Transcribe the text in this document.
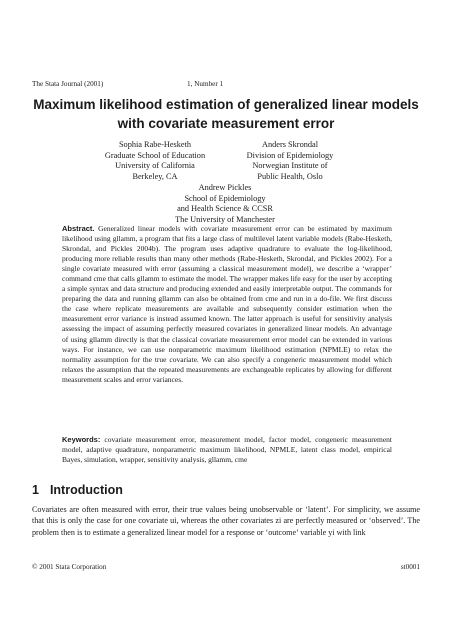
The Stata Journal (2001)	1, Number 1
Maximum likelihood estimation of generalized linear models with covariate measurement error
Sophia Rabe-Hesketh
Graduate School of Education
University of California
Berkeley, CA
Anders Skrondal
Division of Epidemiology
Norwegian Institute of
Public Health, Oslo
Andrew Pickles
School of Epidemiology
and Health Science & CCSR
The University of Manchester
Abstract. Generalized linear models with covariate measurement error can be estimated by maximum likelihood using gllamm, a program that fits a large class of multilevel latent variable models (Rabe-Hesketh, Skrondal, and Pickles 2004b). The program uses adaptive quadrature to evaluate the log-likelihood, producing more reliable results than many other methods (Rabe-Hesketh, Skrondal, and Pickles 2002). For a single covariate measured with error (assuming a classical measurement model), we describe a ‘wrapper’ command cme that calls gllamm to estimate the model. The wrapper makes life easy for the user by accepting a simple syntax and data structure and producing extended and easily interpretable output. The commands for preparing the data and running gllamm can also be obtained from cme and run in a do-file. We first discuss the case where replicate measurements are available and subsequently consider estimation when the measurement error variance is instead assumed known. The latter approach is useful for sensitivity analysis assessing the impact of assuming perfectly measured covariates in generalized linear models. An advantage of using gllamm directly is that the classical covariate measurement error model can be extended in various ways. For instance, we can use nonparametric maximum likelihood estimation (NPMLE) to relax the normality assumption for the true covariate. We can also specify a congeneric measurement model which relaxes the assumption that the repeated measurements are exchangeable replicates by allowing for different measurement scales and error variances.
Keywords: covariate measurement error, measurement model, factor model, congeneric measurement model, adaptive quadrature, nonparametric maximum likelihood, NPMLE, latent class model, empirical Bayes, simulation, wrapper, sensitivity analysis, gllamm, cme
1 Introduction
Covariates are often measured with error, their true values being unobservable or ‘latent’. For simplicity, we assume that this is only the case for one covariate ui, whereas the other covariates zi are perfectly measured or ‘observed’. The problem then is to estimate a generalized linear model for a response or ‘outcome’ variable yi with link
© 2001 Stata Corporation	st0001
